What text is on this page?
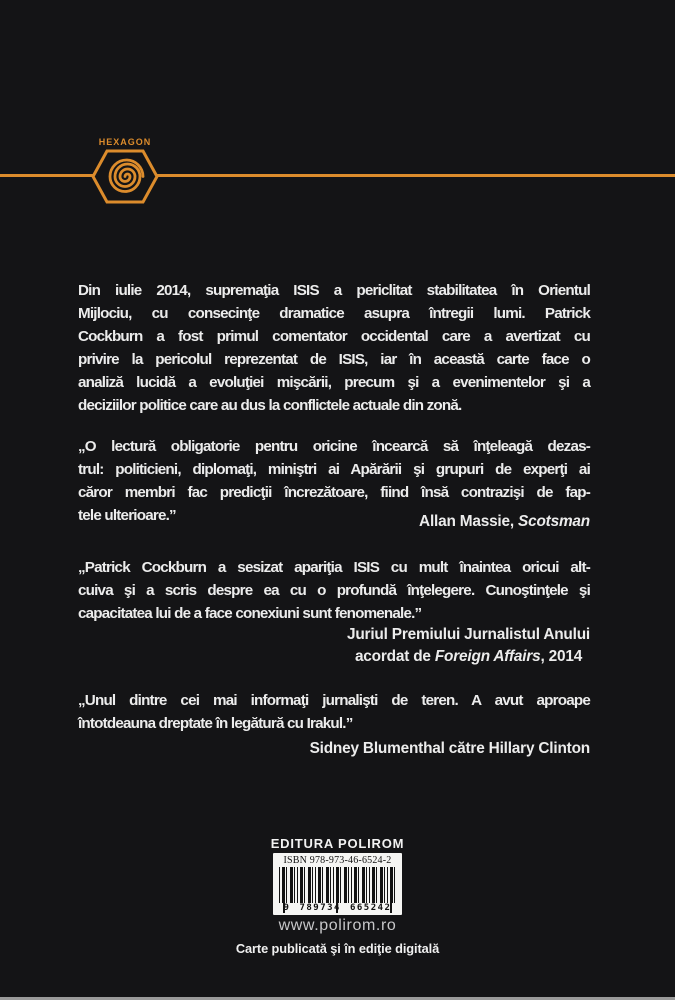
HEXAGON
Din iulie 2014, supremaţia ISIS a periclitat stabilitatea în Orientul
Mijlociu, cu consecinţe dramatice asupra întregii lumi. Patrick
Cockburn a fost primul comentator occidental care a avertizat cu
privire la pericolul reprezentat de ISIS, iar în această carte face o
analiză lucidă a evoluţiei mişcării, precum şi a evenimentelor şi a
deciziilor politice care au dus la conflictele actuale din zonă.
„O lectură obligatorie pentru oricine încearcă să înţeleagă dezas-
trul: politicieni, diplomaţi, miniştri ai Apărării şi grupuri de experţi ai
căror membri fac predicţii încrezătoare, fiind însă contrazişi de fap-
tele ulterioare.”	Allan Massie, Scotsman
„Patrick Cockburn a sesizat apariţia ISIS cu mult înaintea oricui alt-
cuiva şi a scris despre ea cu o profundă înţelegere. Cunoştinţele şi
capacitatea lui de a face conexiuni sunt fenomenale.”
Juriul Premiului Jurnalistul Anului
acordat de Foreign Affairs, 2014
„Unul dintre cei mai informaţi jurnalişti de teren. A avut aproape
întotdeauna dreptate în legătură cu Irakul.”
Sidney Blumenthal către Hillary Clinton
EDITURA POLIROM
ISBN 978-973-46-6524-2
9 789734 665242
www.polirom.ro
Carte publicată şi în ediţie digitală
